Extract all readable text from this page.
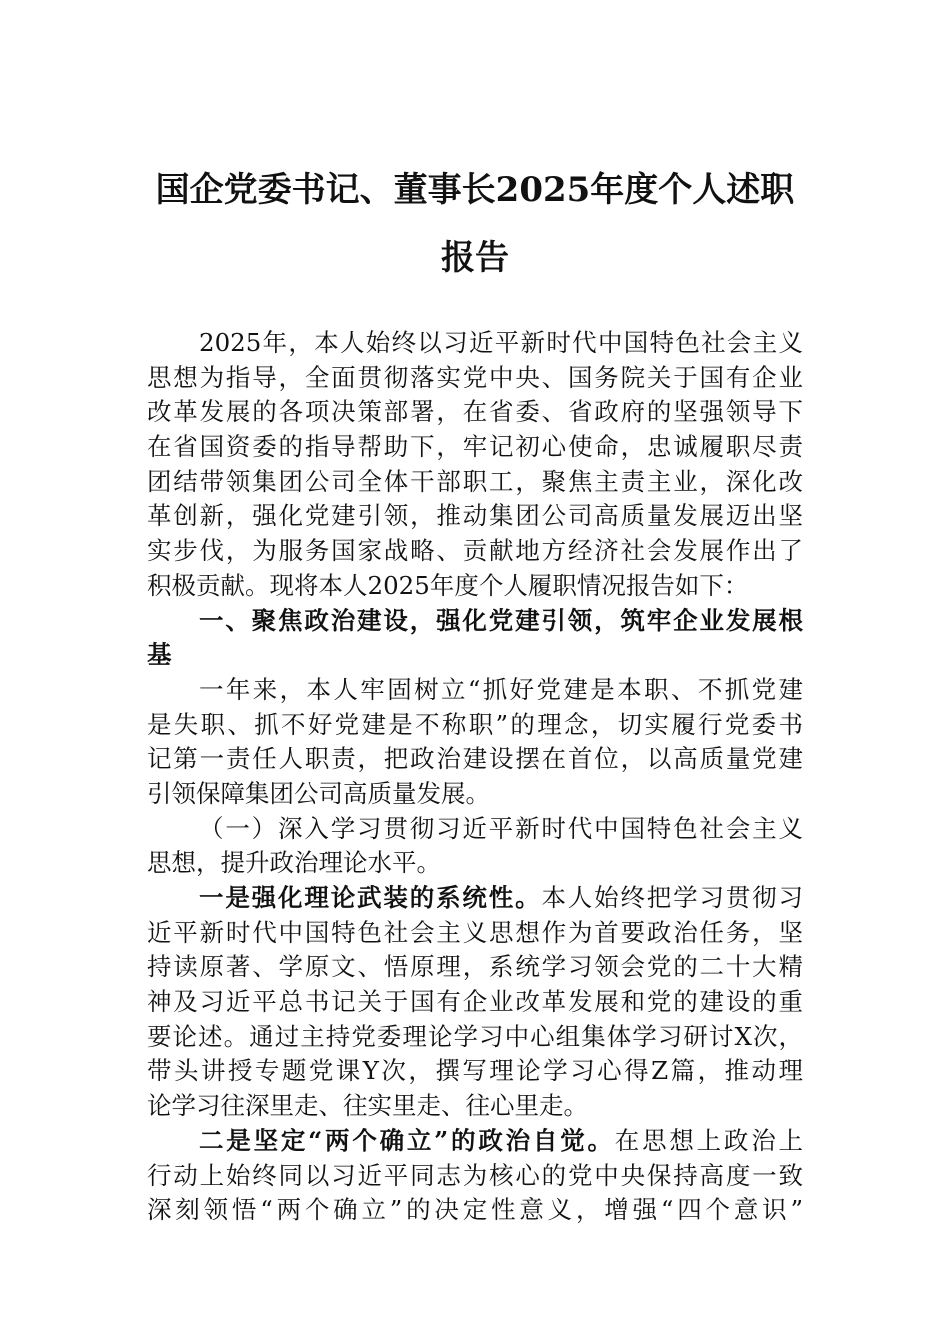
国企党委书记、董事长2025年度个人述职
报告
2025年，本人始终以习近平新时代中国特色社会主义
思想为指导，全面贯彻落实党中央、国务院关于国有企业
改革发展的各项决策部署，在省委、省政府的坚强领导下
在省国资委的指导帮助下，牢记初心使命，忠诚履职尽责
团结带领集团公司全体干部职工，聚焦主责主业，深化改
革创新，强化党建引领，推动集团公司高质量发展迈出坚
实步伐，为服务国家战略、贡献地方经济社会发展作出了
积极贡献。现将本人2025年度个人履职情况报告如下：
一、聚焦政治建设，强化党建引领，筑牢企业发展根
基
一年来，本人牢固树立“抓好党建是本职、不抓党建
是失职、抓不好党建是不称职”的理念，切实履行党委书
记第一责任人职责，把政治建设摆在首位，以高质量党建
引领保障集团公司高质量发展。
（一）深入学习贯彻习近平新时代中国特色社会主义
思想，提升政治理论水平。
一是强化理论武装的系统性。本人始终把学习贯彻习
近平新时代中国特色社会主义思想作为首要政治任务，坚
持读原著、学原文、悟原理，系统学习领会党的二十大精
神及习近平总书记关于国有企业改革发展和党的建设的重
要论述。通过主持党委理论学习中心组集体学习研讨X次，
带头讲授专题党课Y次，撰写理论学习心得Z篇，推动理
论学习往深里走、往实里走、往心里走。
二是坚定“两个确立”的政治自觉。在思想上政治上
行动上始终同以习近平同志为核心的党中央保持高度一致
深刻领悟“两个确立”的决定性意义，增强“四个意识”
